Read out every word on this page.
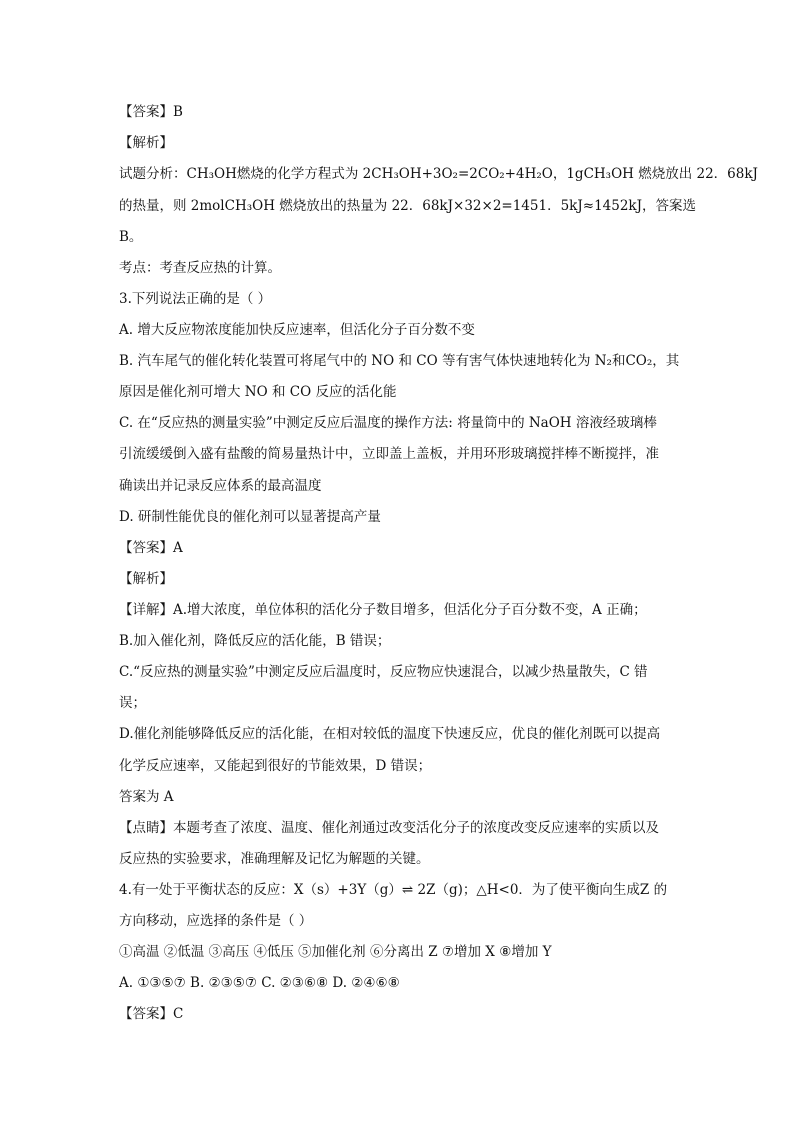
【答案】B
【解析】
试题分析：CH₃OH燃烧的化学方程式为 2CH₃OH+3O₂=2CO₂+4H₂O，1gCH₃OH 燃烧放出 22．68kJ
的热量，则 2molCH₃OH 燃烧放出的热量为 22．68kJ×32×2=1451．5kJ≈1452kJ，答案选
B。
考点：考查反应热的计算。
3.下列说法正确的是（ ）
A. 增大反应物浓度能加快反应速率，但活化分子百分数不变
B. 汽车尾气的催化转化装置可将尾气中的 NO 和 CO 等有害气体快速地转化为 N₂和CO₂，其
原因是催化剂可增大 NO 和 CO 反应的活化能
C. 在“反应热的测量实验”中测定反应后温度的操作方法: 将量筒中的 NaOH 溶液经玻璃棒
引流缓缓倒入盛有盐酸的简易量热计中，立即盖上盖板，并用环形玻璃搅拌棒不断搅拌，准
确读出并记录反应体系的最高温度
D. 研制性能优良的催化剂可以显著提高产量
【答案】A
【解析】
【详解】A.增大浓度，单位体积的活化分子数目增多，但活化分子百分数不变，A 正确；
B.加入催化剂，降低反应的活化能，B 错误；
C.“反应热的测量实验”中测定反应后温度时，反应物应快速混合，以减少热量散失，C 错
误；
D.催化剂能够降低反应的活化能，在相对较低的温度下快速反应，优良的催化剂既可以提高
化学反应速率，又能起到很好的节能效果，D 错误；
答案为 A
【点睛】本题考查了浓度、温度、催化剂通过改变活化分子的浓度改变反应速率的实质以及
反应热的实验要求，准确理解及记忆为解题的关键。
4.有一处于平衡状态的反应：X（s）+3Y（g）⇌ 2Z（g)；△H<0．为了使平衡向生成Z 的
方向移动，应选择的条件是（ ）
①高温 ②低温 ③高压 ④低压 ⑤加催化剂 ⑥分离出 Z ⑦增加 X ⑧增加 Y
A. ①③⑤⑦ B. ②③⑤⑦ C. ②③⑥⑧ D. ②④⑥⑧
【答案】C
